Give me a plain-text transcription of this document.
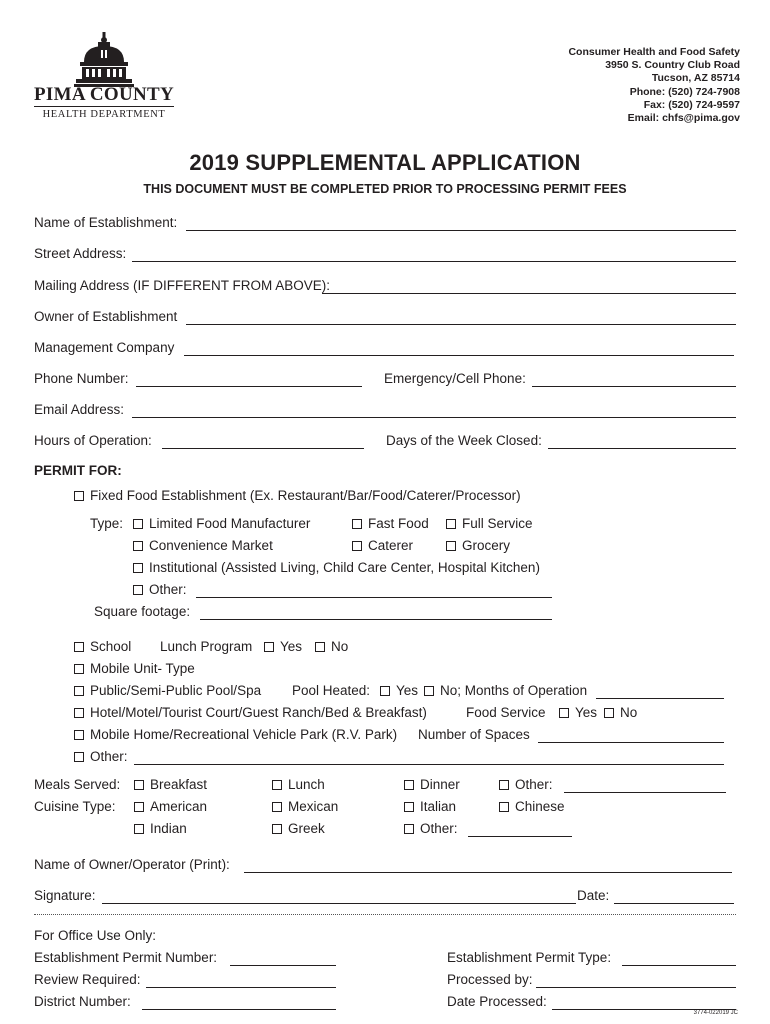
PIMA COUNTY
HEALTH DEPARTMENT
Consumer Health and Food Safety
3950 S. Country Club Road
Tucson, AZ 85714
Phone: (520) 724-7908
Fax: (520) 724-9597
Email: chfs@pima.gov
2019 SUPPLEMENTAL APPLICATION
THIS DOCUMENT MUST BE COMPLETED PRIOR TO PROCESSING PERMIT FEES
Name of Establishment:
Street Address:
Mailing Address (IF DIFFERENT FROM ABOVE):
Owner of Establishment
Management Company
Phone Number:	Emergency/Cell Phone:
Email Address:
Hours of Operation:	Days of the Week Closed:
PERMIT FOR:
Fixed Food Establishment (Ex. Restaurant/Bar/Food/Caterer/Processor)
Type:	Limited Food Manufacturer	Fast Food	Full Service
Convenience Market	Caterer	Grocery
Institutional (Assisted Living, Child Care Center, Hospital Kitchen)
Other:
Square footage:
School Lunch Program	Yes	No
Mobile Unit- Type
Public/Semi-Public Pool/Spa Pool Heated:	Yes	No; Months of Operation
Hotel/Motel/Tourist Court/Guest Ranch/Bed & Breakfast)	Food Service	Yes	No
Mobile Home/Recreational Vehicle Park (R.V. Park) Number of Spaces
Other:
Meals Served:	Breakfast	Lunch	Dinner	Other:
Cuisine Type:	American	Mexican	Italian	Chinese
Indian	Greek	Other:
Name of Owner/Operator (Print):
Signature:	Date:
For Office Use Only:
Establishment Permit Number:	Establishment Permit Type:
Review Required:	Processed by:
District Number:	Date Processed:
3774-022019 JC
